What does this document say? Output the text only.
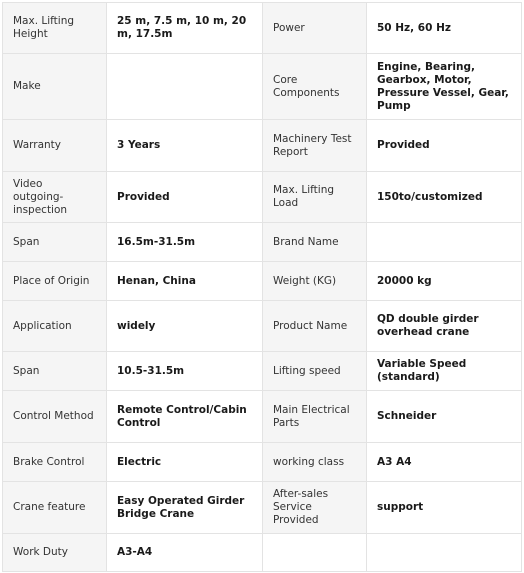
Max. Lifting Height	25 m, 7.5 m, 10 m, 20 m, 17.5m	Power	50 Hz, 60 Hz
Make		Core Components	Engine, Bearing, Gearbox, Motor, Pressure Vessel, Gear, Pump
Warranty	3 Years	Machinery Test Report	Provided
Video outgoing-inspection	Provided	Max. Lifting Load	150to/customized
Span	16.5m-31.5m	Brand Name	
Place of Origin	Henan, China	Weight (KG)	20000 kg
Application	widely	Product Name	QD double girder overhead crane
Span	10.5-31.5m	Lifting speed	Variable Speed (standard)
Control Method	Remote Control/Cabin Control	Main Electrical Parts	Schneider
Brake Control	Electric	working class	A3 A4
Crane feature	Easy Operated Girder Bridge Crane	After-sales Service Provided	support
Work Duty	A3-A4		
